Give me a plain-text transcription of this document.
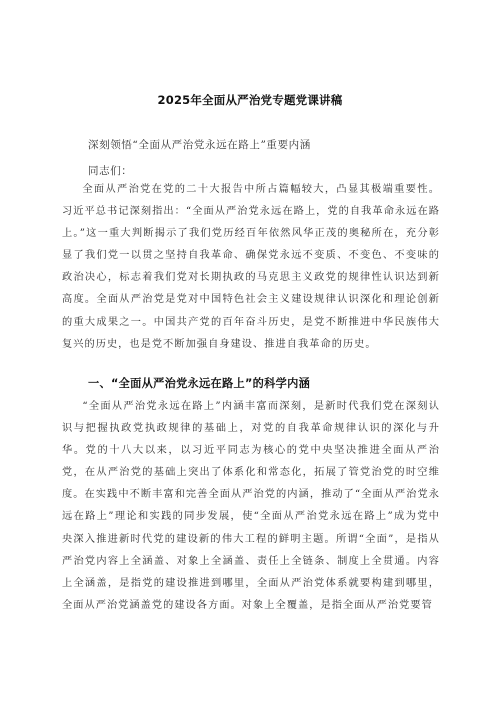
2025年全面从严治党专题党课讲稿
深刻领悟“全面从严治党永远在路上”重要内涵
同志们：

全面从严治党在党的二十大报告中所占篇幅较大，凸显其极端重要性。习近平总书记深刻指出：“全面从严治党永远在路上，党的自我革命永远在路上。”这一重大判断揭示了我们党历经百年依然风华正茂的奥秘所在，充分彰显了我们党一以贯之坚持自我革命、确保党永远不变质、不变色、不变味的政治决心，标志着我们党对长期执政的马克思主义政党的规律性认识达到新高度。全面从严治党是党对中国特色社会主义建设规律认识深化和理论创新的重大成果之一。中国共产党的百年奋斗历史，是党不断推进中华民族伟大复兴的历史，也是党不断加强自身建设、推进自我革命的历史。

一、“全面从严治党永远在路上”的科学内涵

“全面从严治党永远在路上”内涵丰富而深刻，是新时代我们党在深刻认识与把握执政党执政规律的基础上，对党的自我革命规律认识的深化与升华。党的十八大以来，以习近平同志为核心的党中央坚决推进全面从严治党，在从严治党的基础上突出了体系化和常态化，拓展了管党治党的时空维度。在实践中不断丰富和完善全面从严治党的内涵，推动了“全面从严治党永远在路上”理论和实践的同步发展，使“全面从严治党永远在路上”成为党中央深入推进新时代党的建设新的伟大工程的鲜明主题。所谓“全面”，是指从严治党内容上全涵盖、对象上全涵盖、责任上全链条、制度上全贯通。内容上全涵盖，是指党的建设推进到哪里，全面从严治党体系就要构建到哪里，全面从严治党涵盖党的建设各方面。对象上全覆盖，是指全面从严治党要管
